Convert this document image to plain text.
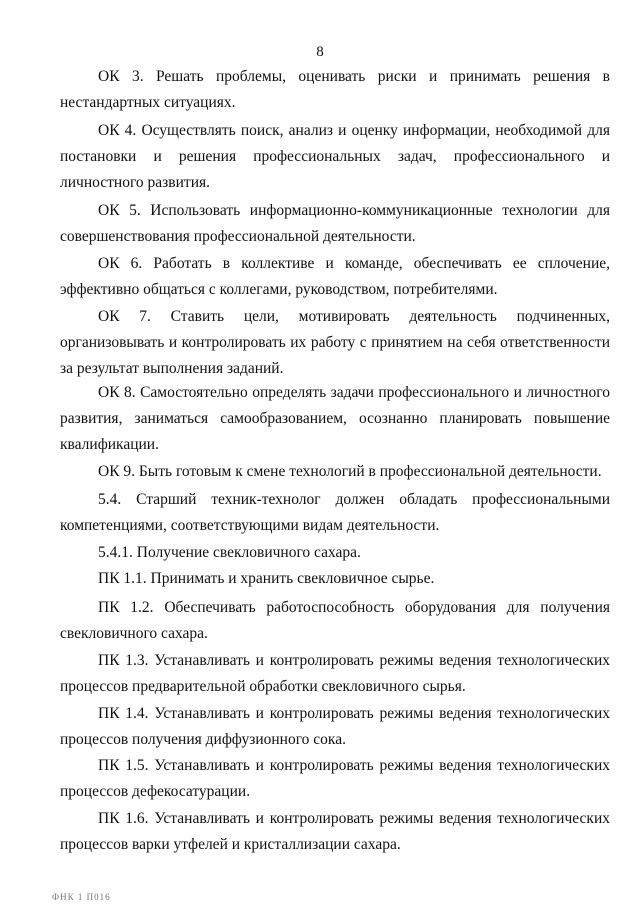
8

ОК 3. Решать проблемы, оценивать риски и принимать решения в нестандартных ситуациях.

ОК 4. Осуществлять поиск, анализ и оценку информации, необходимой для постановки и решения профессиональных задач, профессионального и личностного развития.

ОК 5. Использовать информационно-коммуникационные технологии для совершенствования профессиональной деятельности.

ОК 6. Работать в коллективе и команде, обеспечивать ее сплочение, эффективно общаться с коллегами, руководством, потребителями.

ОК 7. Ставить цели, мотивировать деятельность подчиненных, организовывать и контролировать их работу с принятием на себя ответственности за результат выполнения заданий.

ОК 8. Самостоятельно определять задачи профессионального и личностного развития, заниматься самообразованием, осознанно планировать повышение квалификации.

ОК 9. Быть готовым к смене технологий в профессиональной деятельности.

5.4. Старший техник-технолог должен обладать профессиональными компетенциями, соответствующими видам деятельности.

5.4.1. Получение свекловичного сахара.

ПК 1.1. Принимать и хранить свекловичное сырье.

ПК 1.2. Обеспечивать работоспособность оборудования для получения свекловичного сахара.

ПК 1.3. Устанавливать и контролировать режимы ведения технологических процессов предварительной обработки свекловичного сырья.

ПК 1.4. Устанавливать и контролировать режимы ведения технологических процессов получения диффузионного сока.

ПК 1.5. Устанавливать и контролировать режимы ведения технологических процессов дефекосатурации.

ПК 1.6. Устанавливать и контролировать режимы ведения технологических процессов варки утфелей и кристаллизации сахара.

ФНК 1 П016
